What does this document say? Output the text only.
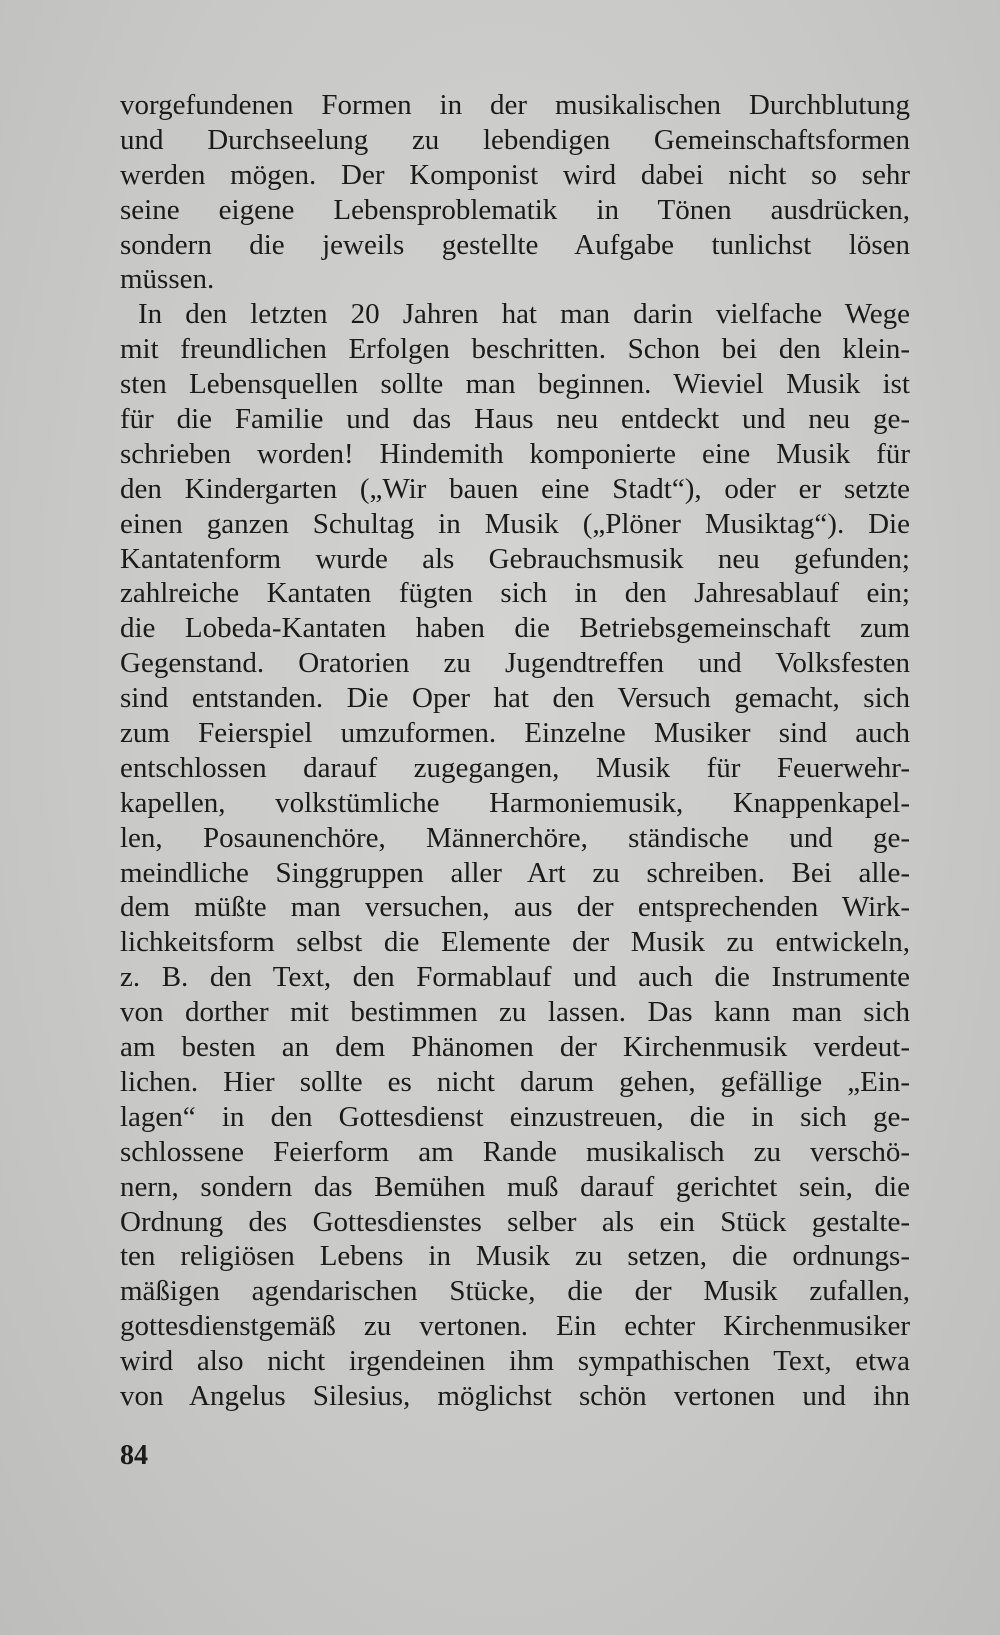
vorgefundenen Formen in der musikalischen Durchblutung
und Durchseelung zu lebendigen Gemeinschaftsformen
werden mögen. Der Komponist wird dabei nicht so sehr
seine eigene Lebensproblematik in Tönen ausdrücken,
sondern die jeweils gestellte Aufgabe tunlichst lösen
müssen.
In den letzten 20 Jahren hat man darin vielfache Wege
mit freundlichen Erfolgen beschritten. Schon bei den klein-
sten Lebensquellen sollte man beginnen. Wieviel Musik ist
für die Familie und das Haus neu entdeckt und neu ge-
schrieben worden! Hindemith komponierte eine Musik für
den Kindergarten („Wir bauen eine Stadt“), oder er setzte
einen ganzen Schultag in Musik („Plöner Musiktag“). Die
Kantatenform wurde als Gebrauchsmusik neu gefunden;
zahlreiche Kantaten fügten sich in den Jahresablauf ein;
die Lobeda-Kantaten haben die Betriebsgemeinschaft zum
Gegenstand. Oratorien zu Jugendtreffen und Volksfesten
sind entstanden. Die Oper hat den Versuch gemacht, sich
zum Feierspiel umzuformen. Einzelne Musiker sind auch
entschlossen darauf zugegangen, Musik für Feuerwehr-
kapellen, volkstümliche Harmoniemusik, Knappenkapel-
len, Posaunenchöre, Männerchöre, ständische und ge-
meindliche Singgruppen aller Art zu schreiben. Bei alle-
dem müßte man versuchen, aus der entsprechenden Wirk-
lichkeitsform selbst die Elemente der Musik zu entwickeln,
z. B. den Text, den Formablauf und auch die Instrumente
von dorther mit bestimmen zu lassen. Das kann man sich
am besten an dem Phänomen der Kirchenmusik verdeut-
lichen. Hier sollte es nicht darum gehen, gefällige „Ein-
lagen“ in den Gottesdienst einzustreuen, die in sich ge-
schlossene Feierform am Rande musikalisch zu verschö-
nern, sondern das Bemühen muß darauf gerichtet sein, die
Ordnung des Gottesdienstes selber als ein Stück gestalte-
ten religiösen Lebens in Musik zu setzen, die ordnungs-
mäßigen agendarischen Stücke, die der Musik zufallen,
gottesdienstgemäß zu vertonen. Ein echter Kirchenmusiker
wird also nicht irgendeinen ihm sympathischen Text, etwa
von Angelus Silesius, möglichst schön vertonen und ihn
84
